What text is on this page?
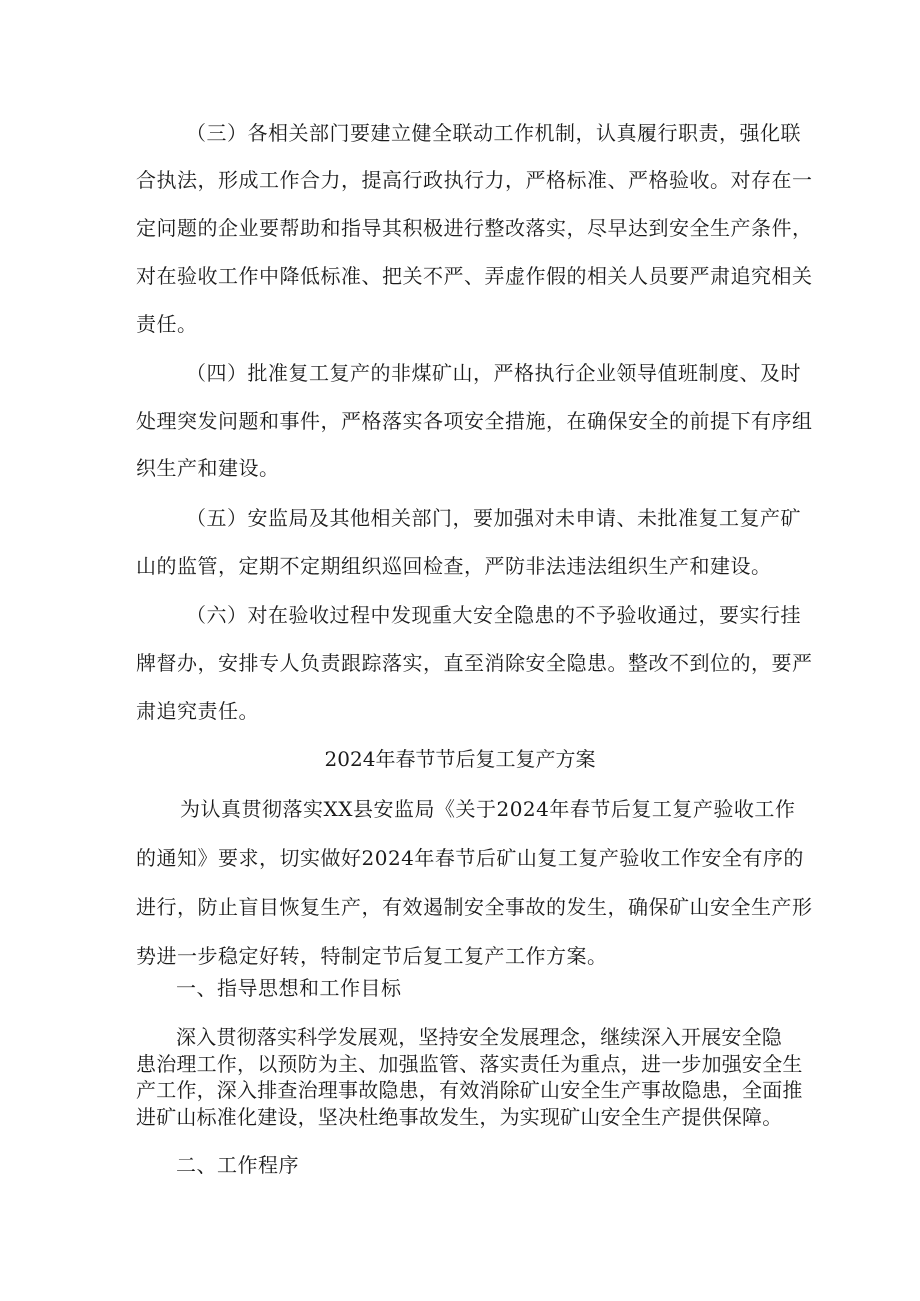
（三）各相关部门要建立健全联动工作机制，认真履行职责，强化联
合执法，形成工作合力，提高行政执行力，严格标准、严格验收。对存在一
定问题的企业要帮助和指导其积极进行整改落实，尽早达到安全生产条件，
对在验收工作中降低标准、把关不严、弄虚作假的相关人员要严肃追究相关
责任。
（四）批准复工复产的非煤矿山，严格执行企业领导值班制度、及时
处理突发问题和事件，严格落实各项安全措施，在确保安全的前提下有序组
织生产和建设。
（五）安监局及其他相关部门，要加强对未申请、未批准复工复产矿
山的监管，定期不定期组织巡回检查，严防非法违法组织生产和建设。
（六）对在验收过程中发现重大安全隐患的不予验收通过，要实行挂
牌督办，安排专人负责跟踪落实，直至消除安全隐患。整改不到位的，要严
肃追究责任。
2024年春节节后复工复产方案
为认真贯彻落实XX县安监局《关于2024年春节后复工复产验收工作
的通知》要求，切实做好2024年春节后矿山复工复产验收工作安全有序的
进行，防止盲目恢复生产，有效遏制安全事故的发生，确保矿山安全生产形
势进一步稳定好转，特制定节后复工复产工作方案。
一、指导思想和工作目标
深入贯彻落实科学发展观，坚持安全发展理念，继续深入开展安全隐
患治理工作，以预防为主、加强监管、落实责任为重点，进一步加强安全生
产工作，深入排查治理事故隐患，有效消除矿山安全生产事故隐患，全面推
进矿山标准化建设，坚决杜绝事故发生，为实现矿山安全生产提供保障。
二、工作程序
